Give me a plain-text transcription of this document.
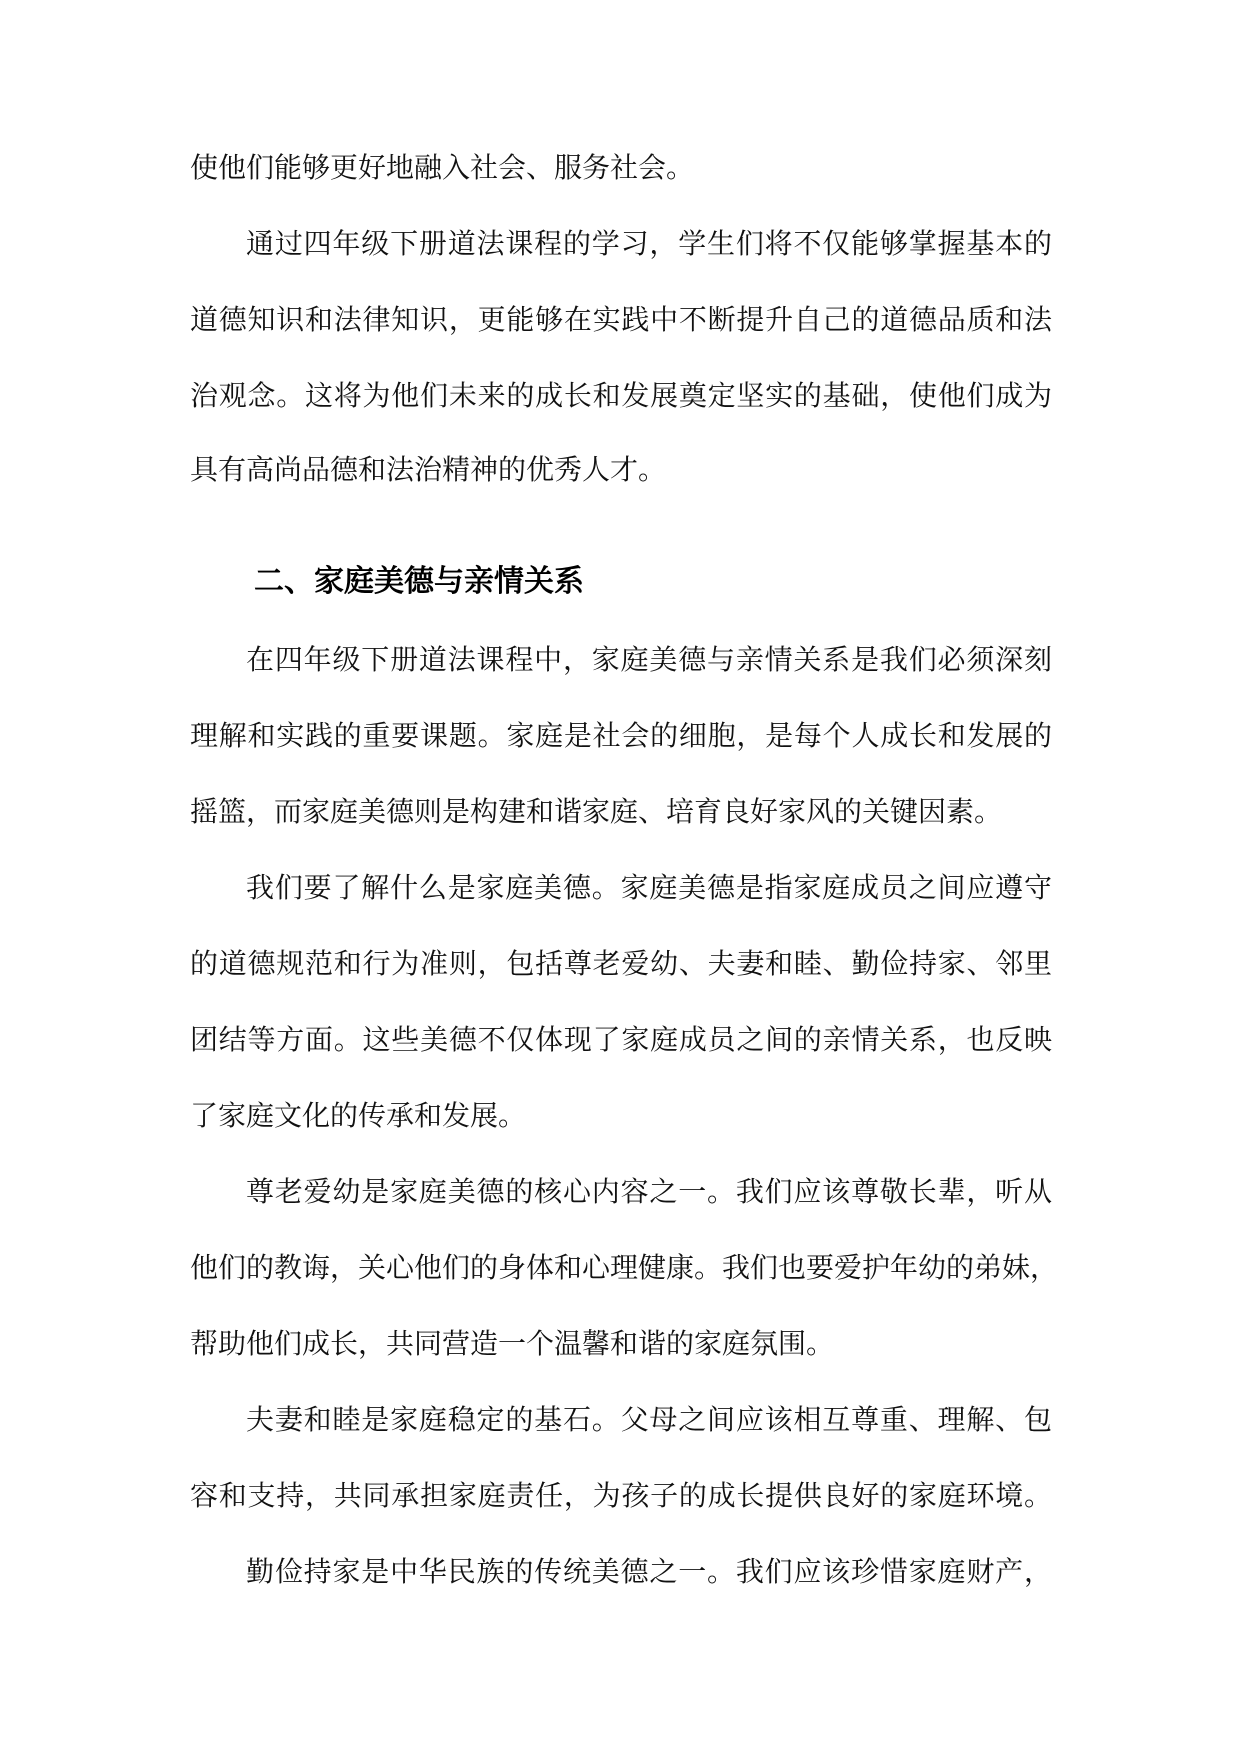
使他们能够更好地融入社会、服务社会。
通过四年级下册道法课程的学习，学生们将不仅能够掌握基本的
道德知识和法律知识，更能够在实践中不断提升自己的道德品质和法
治观念。这将为他们未来的成长和发展奠定坚实的基础，使他们成为
具有高尚品德和法治精神的优秀人才。
在四年级下册道法课程中，家庭美德与亲情关系是我们必须深刻
理解和实践的重要课题。家庭是社会的细胞，是每个人成长和发展的
摇篮，而家庭美德则是构建和谐家庭、培育良好家风的关键因素。
我们要了解什么是家庭美德。家庭美德是指家庭成员之间应遵守
的道德规范和行为准则，包括尊老爱幼、夫妻和睦、勤俭持家、邻里
团结等方面。这些美德不仅体现了家庭成员之间的亲情关系，也反映
了家庭文化的传承和发展。
尊老爱幼是家庭美德的核心内容之一。我们应该尊敬长辈，听从
他们的教诲，关心他们的身体和心理健康。我们也要爱护年幼的弟妹，
帮助他们成长，共同营造一个温馨和谐的家庭氛围。
夫妻和睦是家庭稳定的基石。父母之间应该相互尊重、理解、包
容和支持，共同承担家庭责任，为孩子的成长提供良好的家庭环境。
勤俭持家是中华民族的传统美德之一。我们应该珍惜家庭财产，
二、家庭美德与亲情关系
